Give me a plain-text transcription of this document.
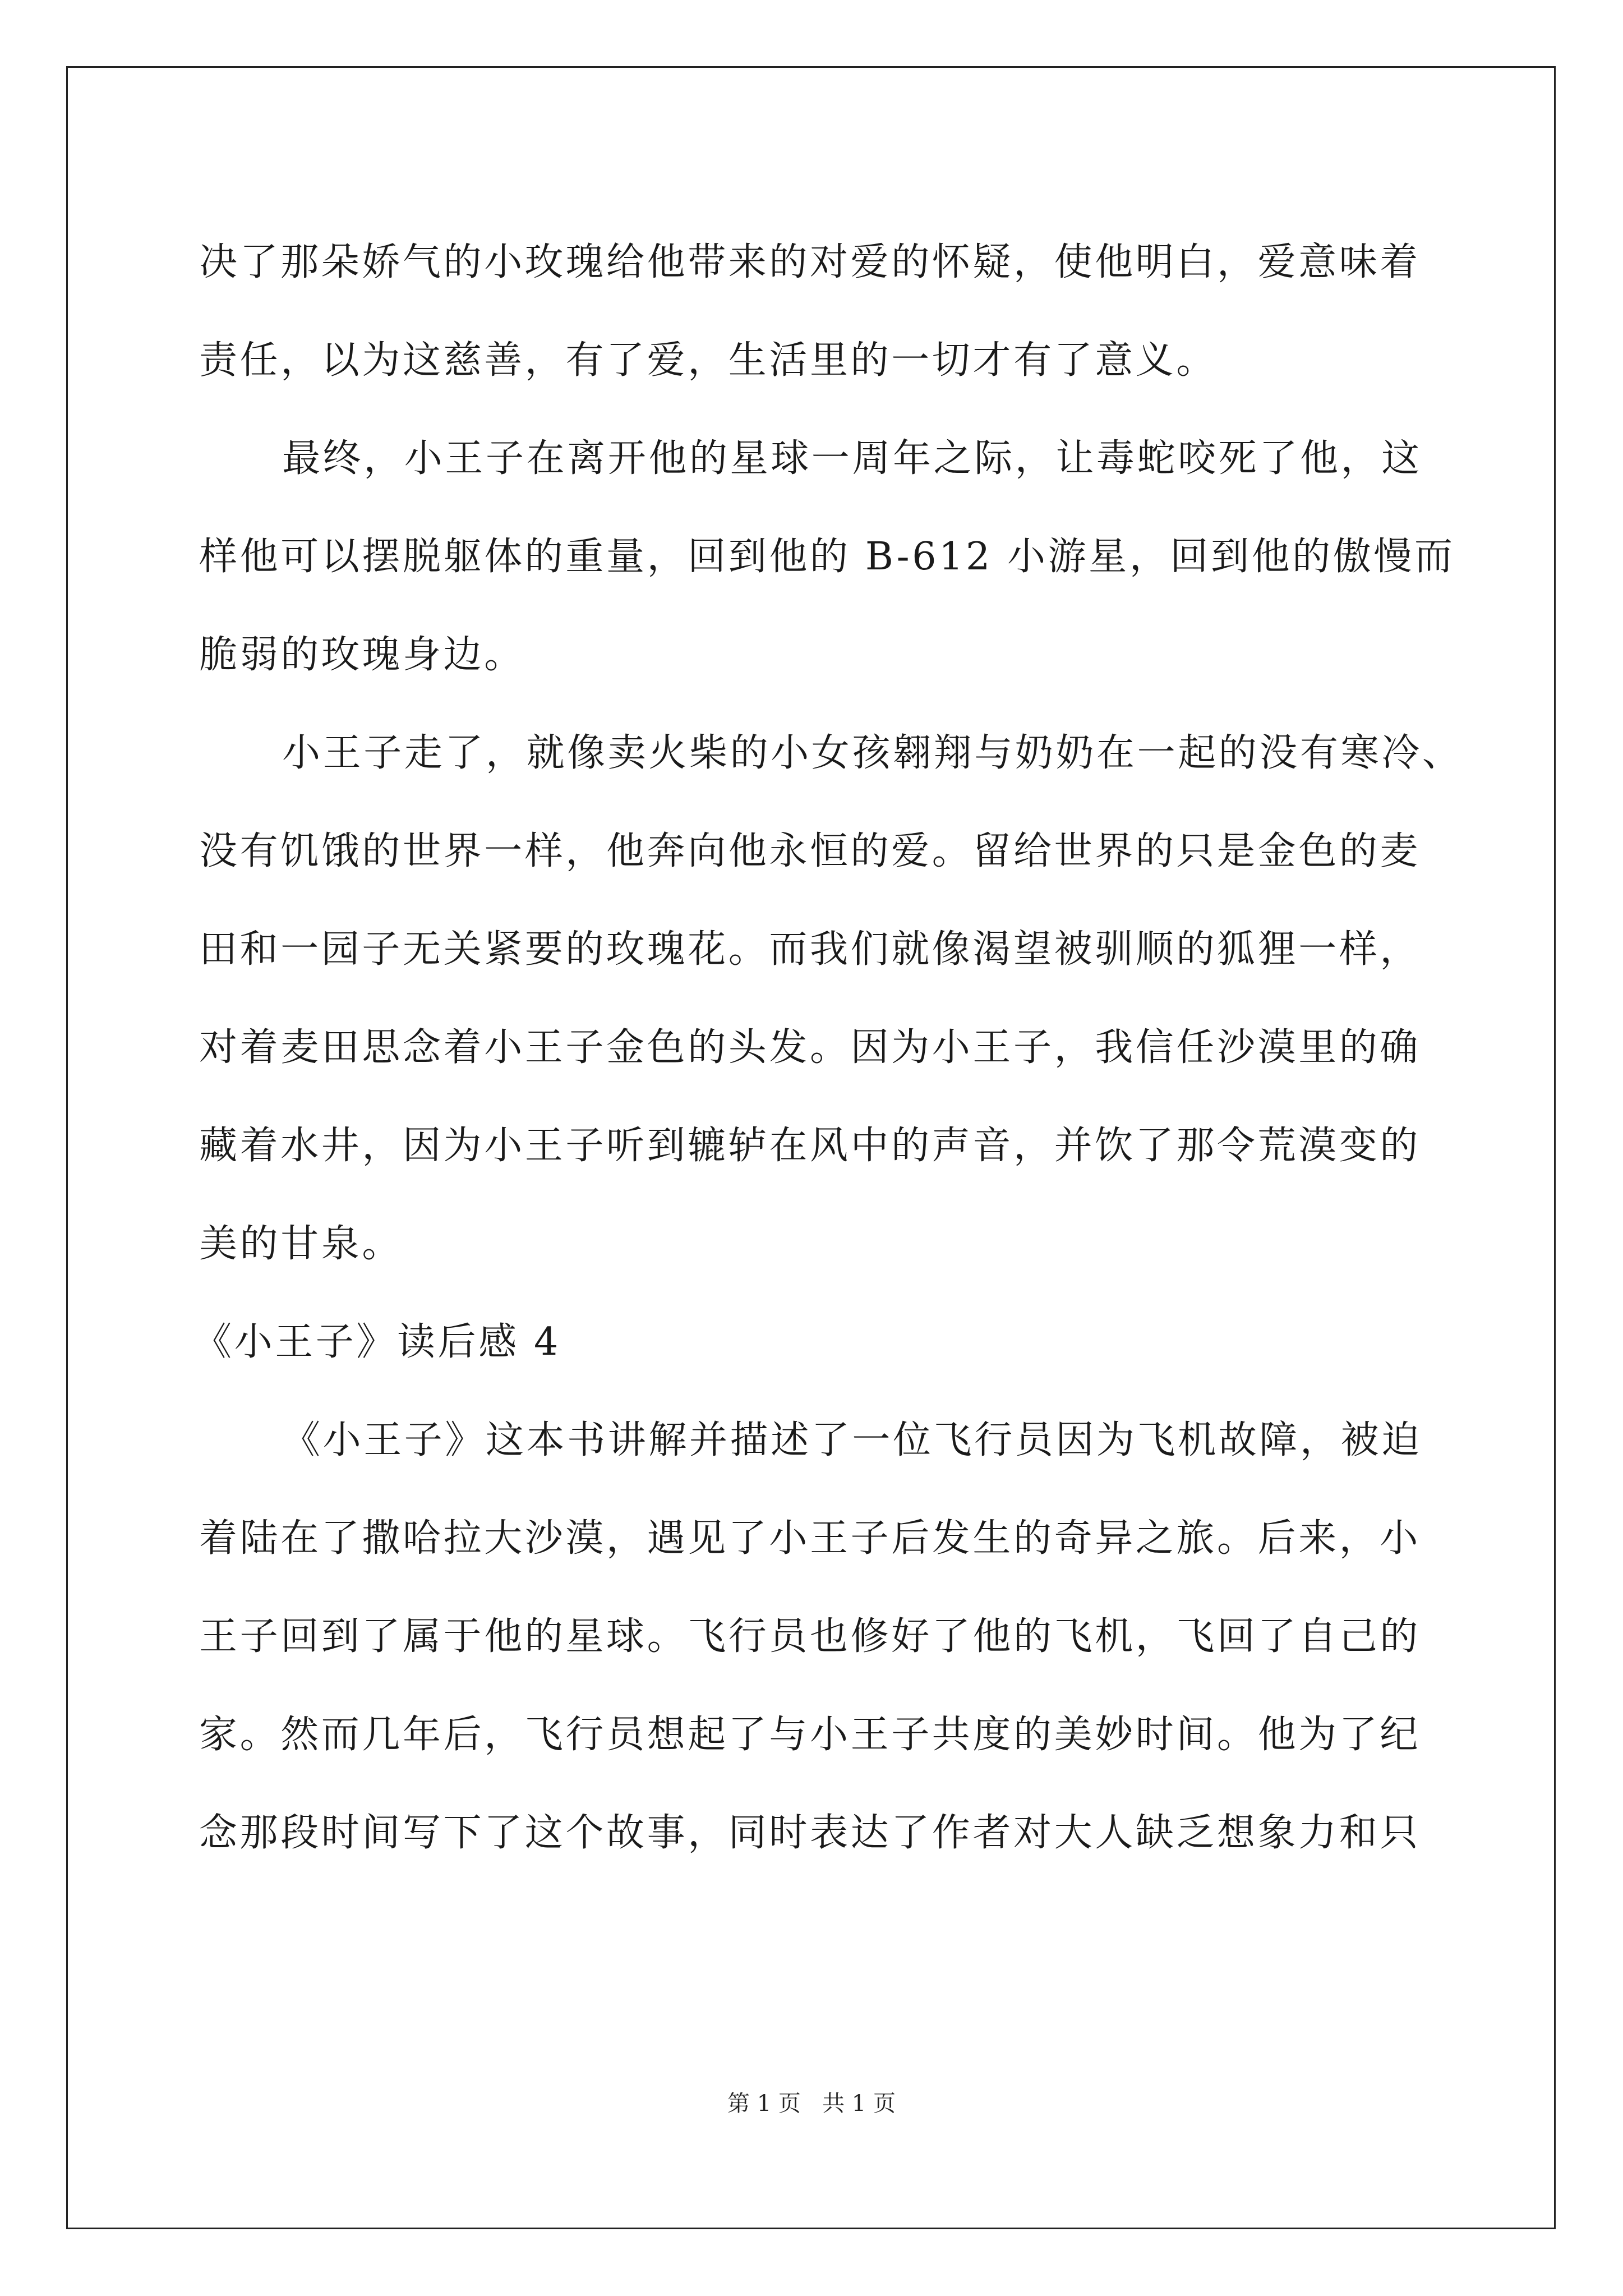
决了那朵娇气的小玫瑰给他带来的对爱的怀疑，使他明白，爱意味着
责任，以为这慈善，有了爱，生活里的一切才有了意义。
最终，小王子在离开他的星球一周年之际，让毒蛇咬死了他，这
样他可以摆脱躯体的重量，回到他的 B-612 小游星，回到他的傲慢而
脆弱的玫瑰身边。
小王子走了，就像卖火柴的小女孩翱翔与奶奶在一起的没有寒冷、
没有饥饿的世界一样，他奔向他永恒的爱。留给世界的只是金色的麦
田和一园子无关紧要的玫瑰花。而我们就像渴望被驯顺的狐狸一样，
对着麦田思念着小王子金色的头发。因为小王子，我信任沙漠里的确
藏着水井，因为小王子听到辘轳在风中的声音，并饮了那令荒漠变的
美的甘泉。
《小王子》读后感 4
《小王子》这本书讲解并描述了一位飞行员因为飞机故障，被迫
着陆在了撒哈拉大沙漠，遇见了小王子后发生的奇异之旅。后来，小
王子回到了属于他的星球。飞行员也修好了他的飞机，飞回了自己的
家。然而几年后，飞行员想起了与小王子共度的美妙时间。他为了纪
念那段时间写下了这个故事，同时表达了作者对大人缺乏想象力和只
第 1 页   共 1 页
